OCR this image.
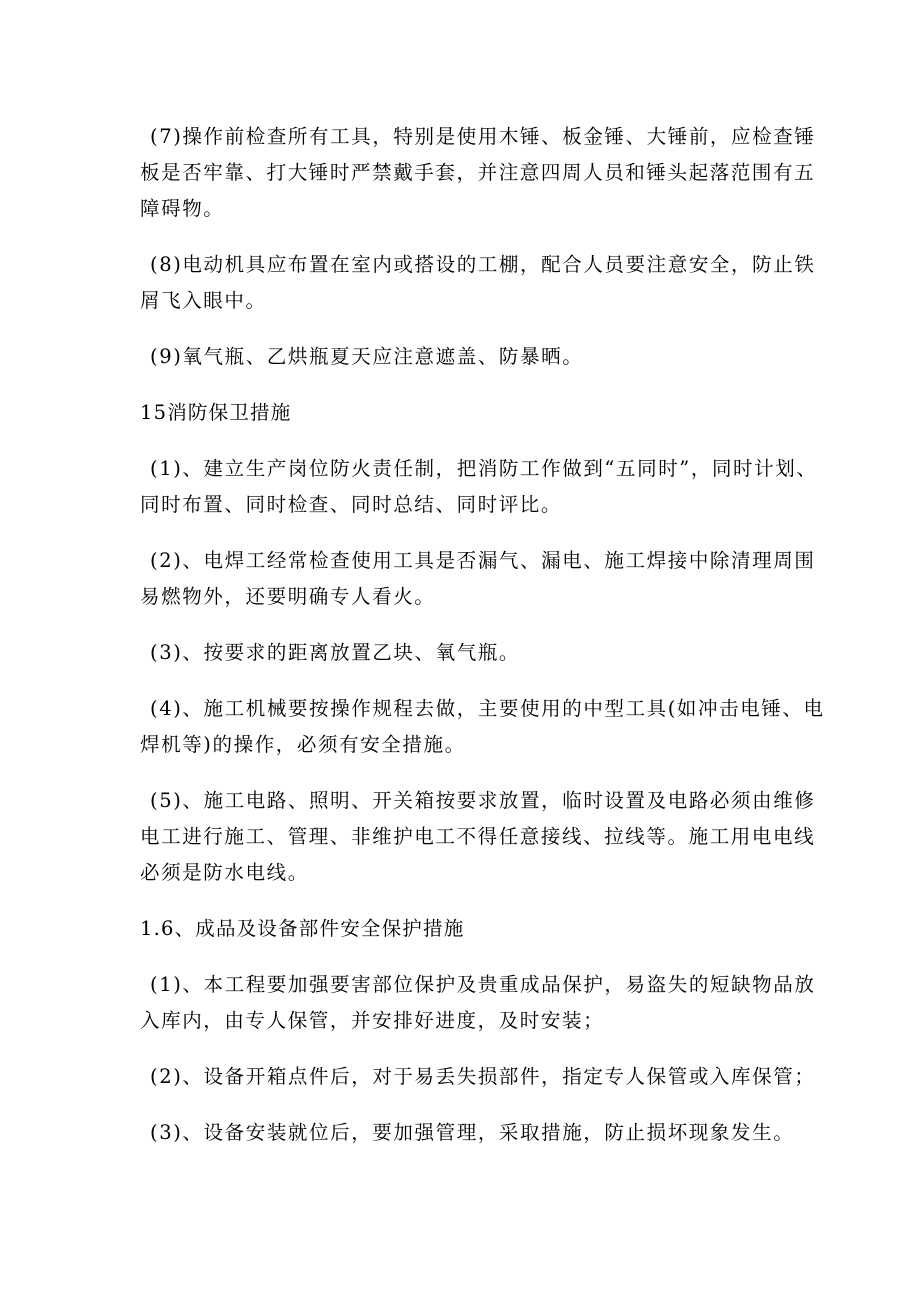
(7)操作前检查所有工具，特别是使用木锤、板金锤、大锤前，应检查锤
板是否牢靠、打大锤时严禁戴手套，并注意四周人员和锤头起落范围有五
障碍物。
(8)电动机具应布置在室内或搭设的工棚，配合人员要注意安全，防止铁
屑飞入眼中。
(9)氧气瓶、乙烘瓶夏天应注意遮盖、防暴晒。
15消防保卫措施
(1)、建立生产岗位防火责任制，把消防工作做到“五同时”，同时计划、
同时布置、同时检查、同时总结、同时评比。
(2)、电焊工经常检查使用工具是否漏气、漏电、施工焊接中除清理周围
易燃物外，还要明确专人看火。
(3)、按要求的距离放置乙块、氧气瓶。
(4)、施工机械要按操作规程去做，主要使用的中型工具(如冲击电锤、电
焊机等)的操作，必须有安全措施。
(5)、施工电路、照明、开关箱按要求放置，临时设置及电路必须由维修
电工进行施工、管理、非维护电工不得任意接线、拉线等。施工用电电线
必须是防水电线。
1.6、成品及设备部件安全保护措施
(1)、本工程要加强要害部位保护及贵重成品保护，易盗失的短缺物品放
入库内，由专人保管，并安排好进度，及时安装；
(2)、设备开箱点件后，对于易丢失损部件，指定专人保管或入库保管；
(3)、设备安装就位后，要加强管理，采取措施，防止损坏现象发生。
